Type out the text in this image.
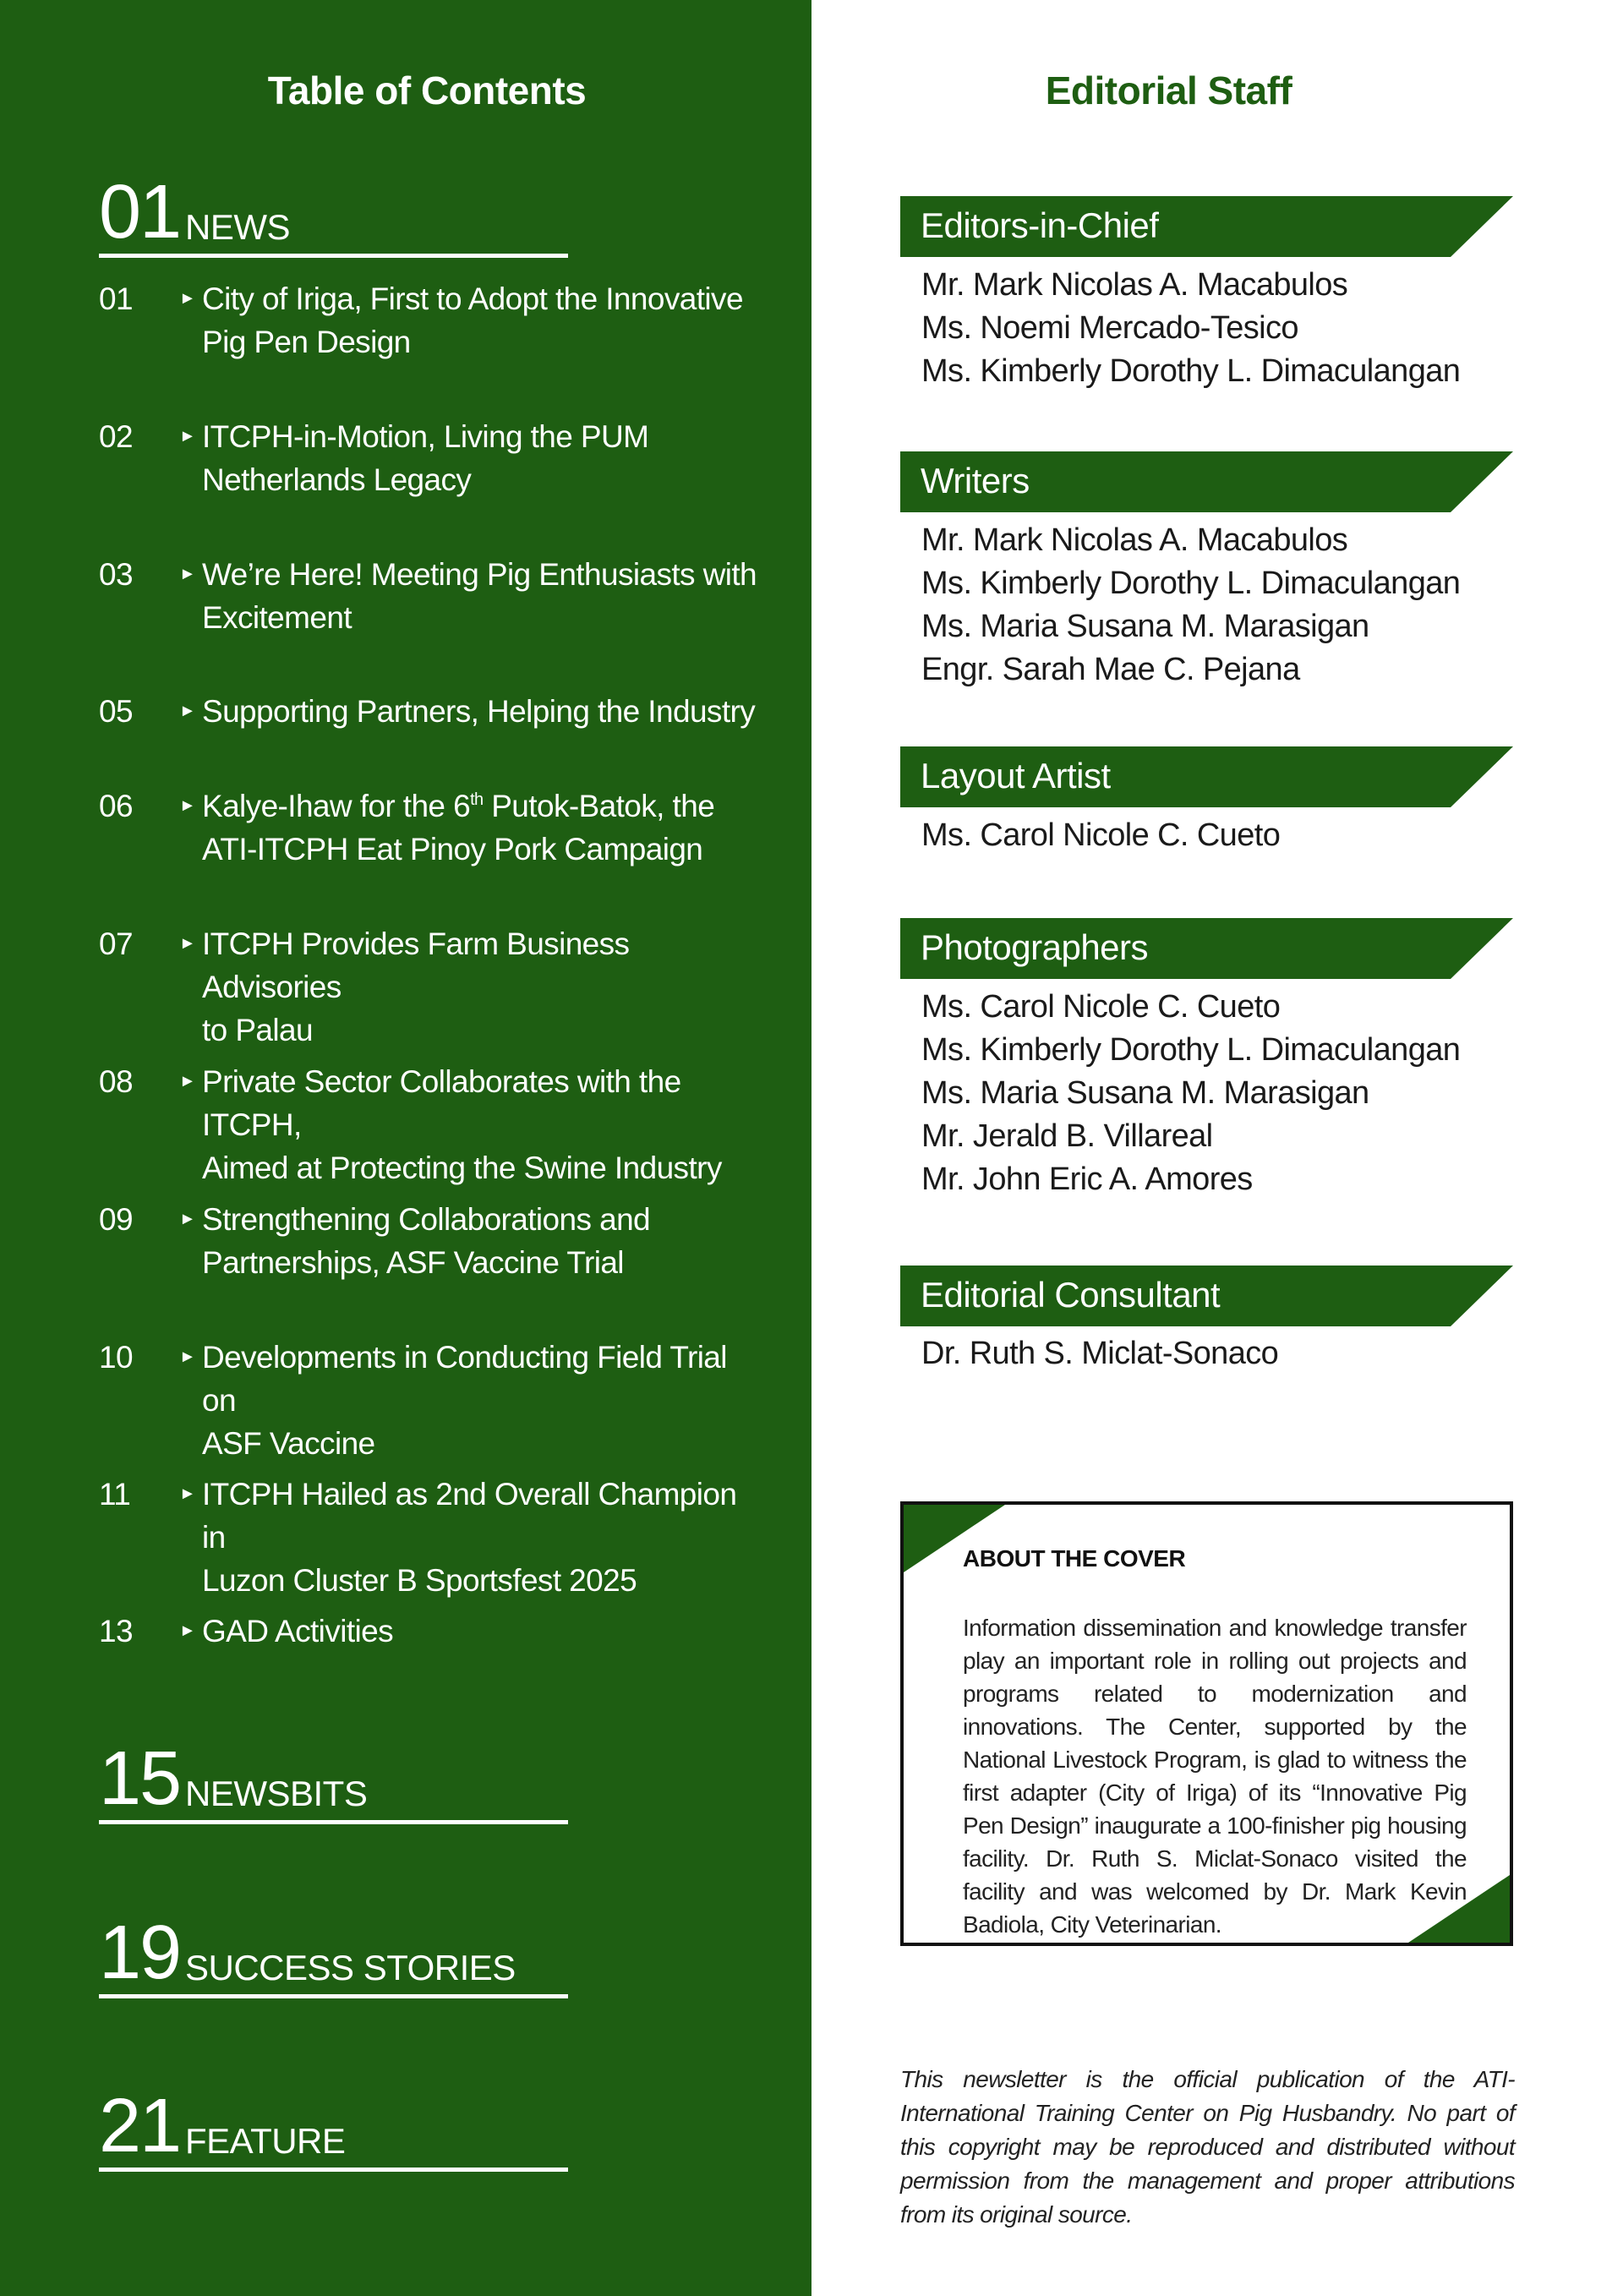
Table of Contents
01 NEWS
01	► City of Iriga, First to Adopt the Innovative
Pig Pen Design
02	► ITCPH-in-Motion, Living the PUM
Netherlands Legacy
03	► We’re Here! Meeting Pig Enthusiasts with
Excitement
05	► Supporting Partners, Helping the Industry
06	► Kalye-Ihaw for the 6th Putok-Batok, the
ATI-ITCPH Eat Pinoy Pork Campaign
07	► ITCPH Provides Farm Business Advisories
to Palau
08	► Private Sector Collaborates with the ITCPH,
Aimed at Protecting the Swine Industry
09	► Strengthening Collaborations and
Partnerships, ASF Vaccine Trial
10	► Developments in Conducting Field Trial on
ASF Vaccine
11	► ITCPH Hailed as 2nd Overall Champion in
Luzon Cluster B Sportsfest 2025
13	► GAD Activities
15 NEWSBITS
19 SUCCESS STORIES
21 FEATURE
Editorial Staff
Editors-in-Chief
Mr. Mark Nicolas A. Macabulos
Ms. Noemi Mercado-Tesico
Ms. Kimberly Dorothy L. Dimaculangan
Writers
Mr. Mark Nicolas A. Macabulos
Ms. Kimberly Dorothy L. Dimaculangan
Ms. Maria Susana M. Marasigan
Engr. Sarah Mae C. Pejana
Layout Artist
Ms. Carol Nicole C. Cueto
Photographers
Ms. Carol Nicole C. Cueto
Ms. Kimberly Dorothy L. Dimaculangan
Ms. Maria Susana M. Marasigan
Mr. Jerald B. Villareal
Mr. John Eric A. Amores
Editorial Consultant
Dr. Ruth S. Miclat-Sonaco
ABOUT THE COVER
Information dissemination and knowledge transfer play an important role in rolling out projects and programs related to modernization and innovations. The Center, supported by the National Livestock Program, is glad to witness the first adapter (City of Iriga) of its “Innovative Pig Pen Design” inaugurate a 100-finisher pig housing facility. Dr. Ruth S. Miclat-Sonaco visited the facility and was welcomed by Dr. Mark Kevin Badiola, City Veterinarian.
This newsletter is the official publication of the ATI-International Training Center on Pig Husbandry. No part of this copyright may be reproduced and distributed without permission from the management and proper attributions from its original source.
